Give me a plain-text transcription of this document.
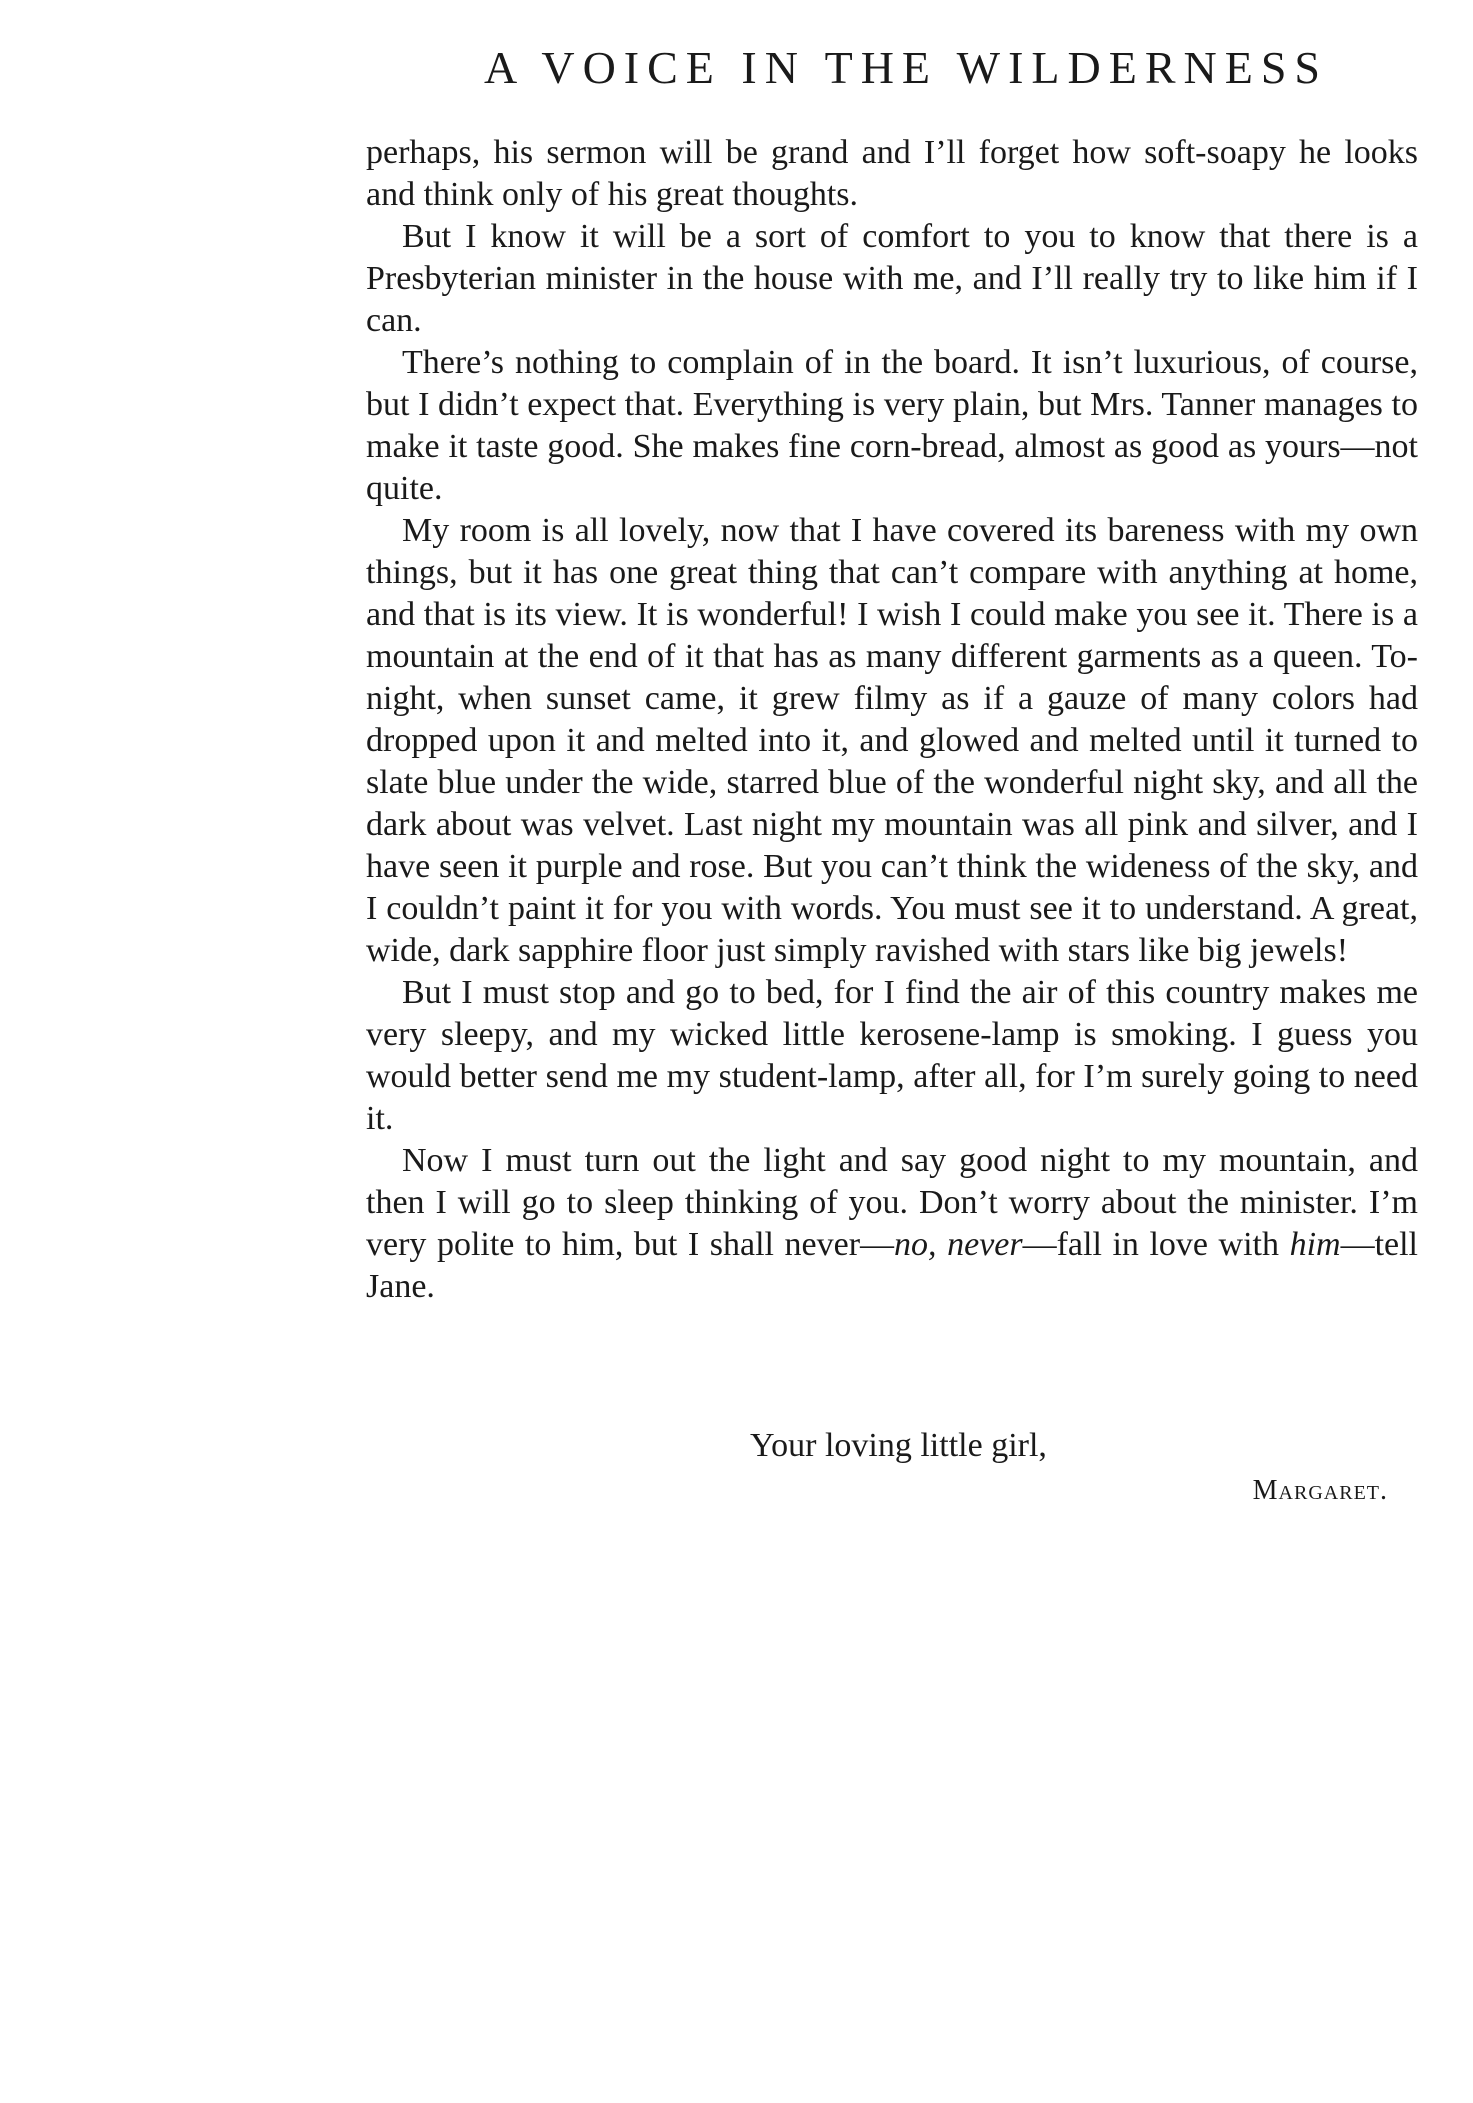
A VOICE IN THE WILDERNESS

perhaps, his sermon will be grand and I’ll forget how soft-soapy he looks and think only of his great thoughts.

But I know it will be a sort of comfort to you to know that there is a Presbyterian minister in the house with me, and I’ll really try to like him if I can.

There’s nothing to complain of in the board. It isn’t luxurious, of course, but I didn’t expect that. Everything is very plain, but Mrs. Tanner manages to make it taste good. She makes fine corn-bread, almost as good as yours—not quite.

My room is all lovely, now that I have covered its bareness with my own things, but it has one great thing that can’t compare with anything at home, and that is its view. It is wonderful! I wish I could make you see it. There is a mountain at the end of it that has as many different garments as a queen. To-night, when sunset came, it grew filmy as if a gauze of many colors had dropped upon it and melted into it, and glowed and melted until it turned to slate blue under the wide, starred blue of the wonderful night sky, and all the dark about was velvet. Last night my mountain was all pink and silver, and I have seen it purple and rose. But you can’t think the wideness of the sky, and I couldn’t paint it for you with words. You must see it to understand. A great, wide, dark sapphire floor just simply ravished with stars like big jewels!

But I must stop and go to bed, for I find the air of this country makes me very sleepy, and my wicked little kerosene-lamp is smoking. I guess you would better send me my student-lamp, after all, for I’m surely going to need it.

Now I must turn out the light and say good night to my mountain, and then I will go to sleep thinking of you. Don’t worry about the minister. I’m very polite to him, but I shall never—no, never—fall in love with him—tell Jane.

Your loving little girl,
Margaret.
